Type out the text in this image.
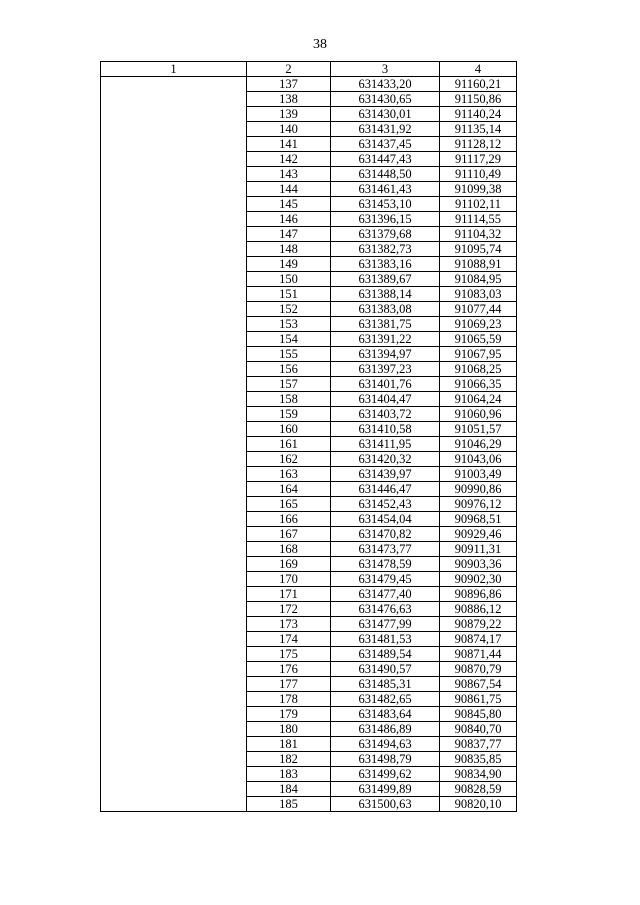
38
1	2	3	4
	137	631433,20	91160,21
	138	631430,65	91150,86
	139	631430,01	91140,24
	140	631431,92	91135,14
	141	631437,45	91128,12
	142	631447,43	91117,29
	143	631448,50	91110,49
	144	631461,43	91099,38
	145	631453,10	91102,11
	146	631396,15	91114,55
	147	631379,68	91104,32
	148	631382,73	91095,74
	149	631383,16	91088,91
	150	631389,67	91084,95
	151	631388,14	91083,03
	152	631383,08	91077,44
	153	631381,75	91069,23
	154	631391,22	91065,59
	155	631394,97	91067,95
	156	631397,23	91068,25
	157	631401,76	91066,35
	158	631404,47	91064,24
	159	631403,72	91060,96
	160	631410,58	91051,57
	161	631411,95	91046,29
	162	631420,32	91043,06
	163	631439,97	91003,49
	164	631446,47	90990,86
	165	631452,43	90976,12
	166	631454,04	90968,51
	167	631470,82	90929,46
	168	631473,77	90911,31
	169	631478,59	90903,36
	170	631479,45	90902,30
	171	631477,40	90896,86
	172	631476,63	90886,12
	173	631477,99	90879,22
	174	631481,53	90874,17
	175	631489,54	90871,44
	176	631490,57	90870,79
	177	631485,31	90867,54
	178	631482,65	90861,75
	179	631483,64	90845,80
	180	631486,89	90840,70
	181	631494,63	90837,77
	182	631498,79	90835,85
	183	631499,62	90834,90
	184	631499,89	90828,59
	185	631500,63	90820,10
